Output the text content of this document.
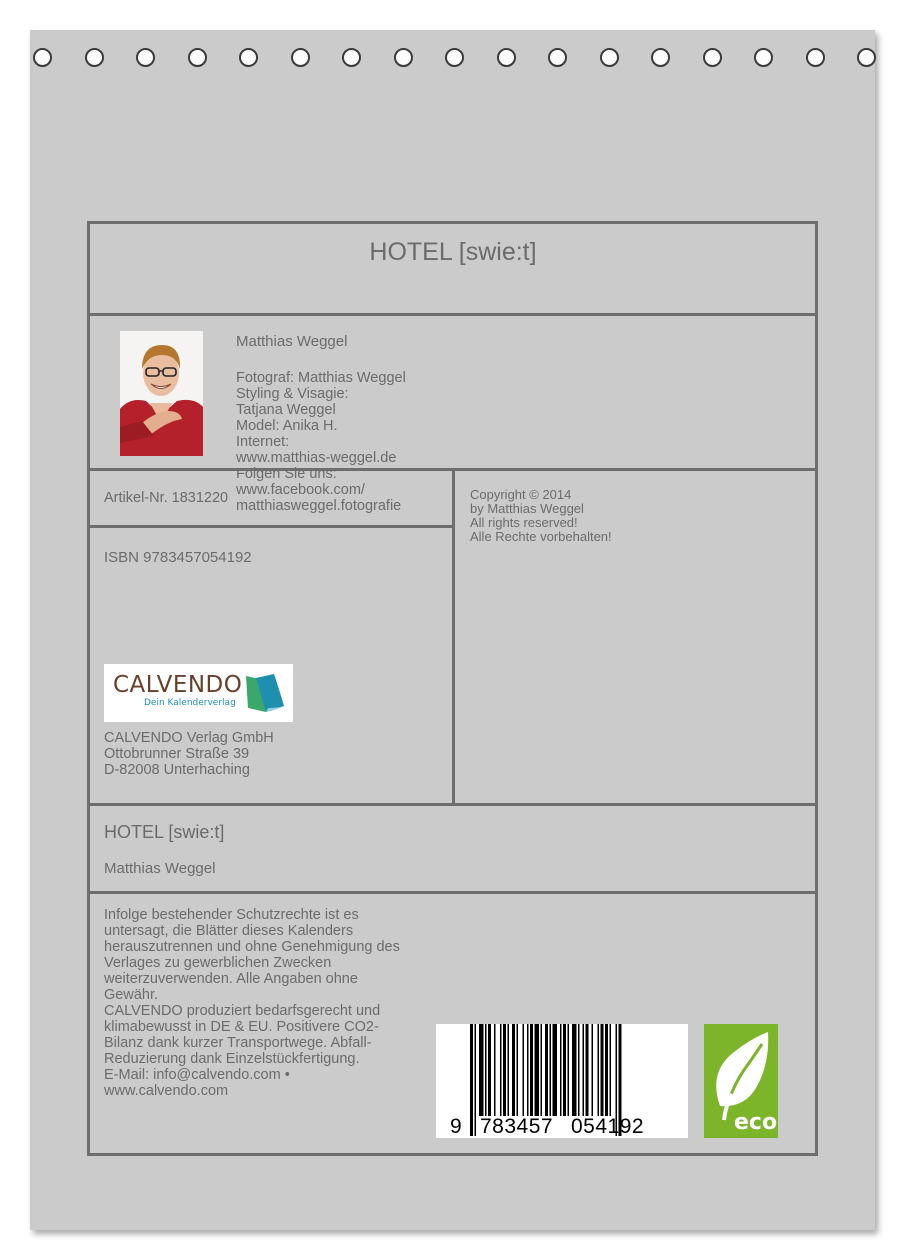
HOTEL [swie:t]
Matthias Weggel
Fotograf: Matthias Weggel
Styling & Visagie:
Tatjana Weggel
Model: Anika H.
Internet:
www.matthias-weggel.de
Folgen Sie uns:
www.facebook.com/
matthiasweggel.fotografie
Artikel-Nr. 1831220	Copyright © 2014
by Matthias Weggel
All rights reserved!
Alle Rechte vorbehalten!
ISBN 9783457054192
CALVENDO
Dein Kalenderverlag
CALVENDO Verlag GmbH
Ottobrunner Straße 39
D-82008 Unterhaching
HOTEL [swie:t]
Matthias Weggel
Infolge bestehender Schutzrechte ist es
untersagt, die Blätter dieses Kalenders
herauszutrennen und ohne Genehmigung des
Verlages zu gewerblichen Zwecken
weiterzuverwenden. Alle Angaben ohne
Gewähr.
CALVENDO produziert bedarfsgerecht und
klimabewusst in DE & EU. Positivere CO2-
Bilanz dank kurzer Transportwege. Abfall-
Reduzierung dank Einzelstückfertigung.
E-Mail: info@calvendo.com •
www.calvendo.com
9 783457 054192	eco
